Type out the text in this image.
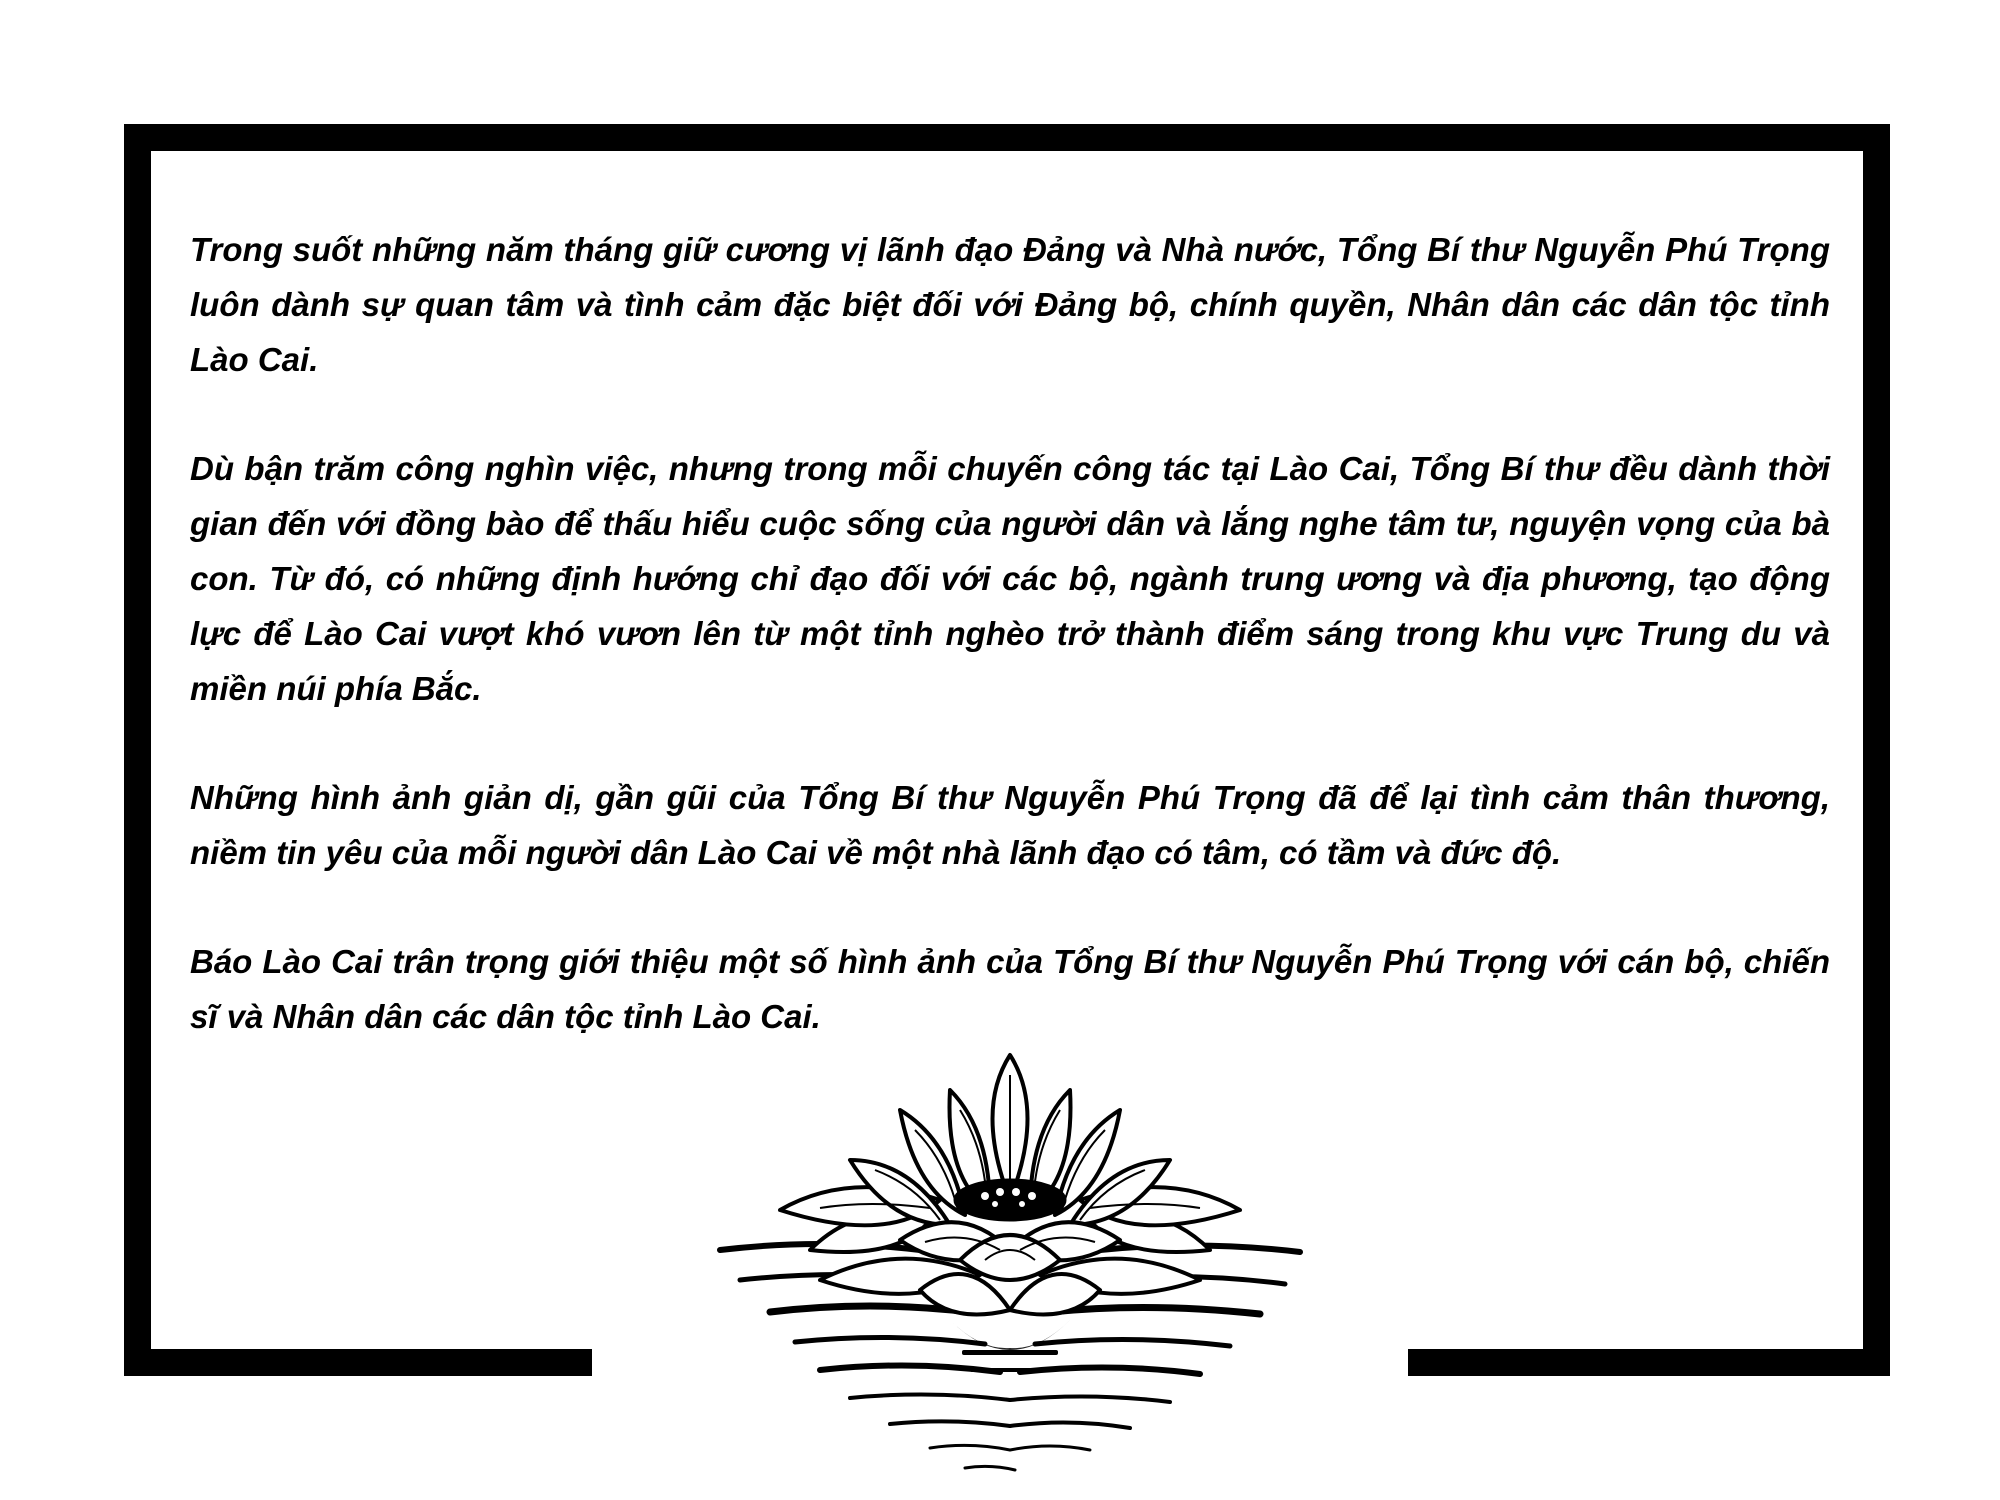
Trong suốt những năm tháng giữ cương vị lãnh đạo Đảng và Nhà nước, Tổng Bí thư Nguyễn Phú Trọng luôn dành sự quan tâm và tình cảm đặc biệt đối với Đảng bộ, chính quyền, Nhân dân các dân tộc tỉnh Lào Cai.

Dù bận trăm công nghìn việc, nhưng trong mỗi chuyến công tác tại Lào Cai, Tổng Bí thư đều dành thời gian đến với đồng bào để thấu hiểu cuộc sống của người dân và lắng nghe tâm tư, nguyện vọng của bà con. Từ đó, có những định hướng chỉ đạo đối với các bộ, ngành trung ương và địa phương, tạo động lực để Lào Cai vượt khó vươn lên từ một tỉnh nghèo trở thành điểm sáng trong khu vực Trung du và miền núi phía Bắc.

Những hình ảnh giản dị, gần gũi của Tổng Bí thư Nguyễn Phú Trọng đã để lại tình cảm thân thương, niềm tin yêu của mỗi người dân Lào Cai về một nhà lãnh đạo có tâm, có tầm và đức độ.

Báo Lào Cai trân trọng giới thiệu một số hình ảnh của Tổng Bí thư Nguyễn Phú Trọng với cán bộ, chiến sĩ và Nhân dân các dân tộc tỉnh Lào Cai.
